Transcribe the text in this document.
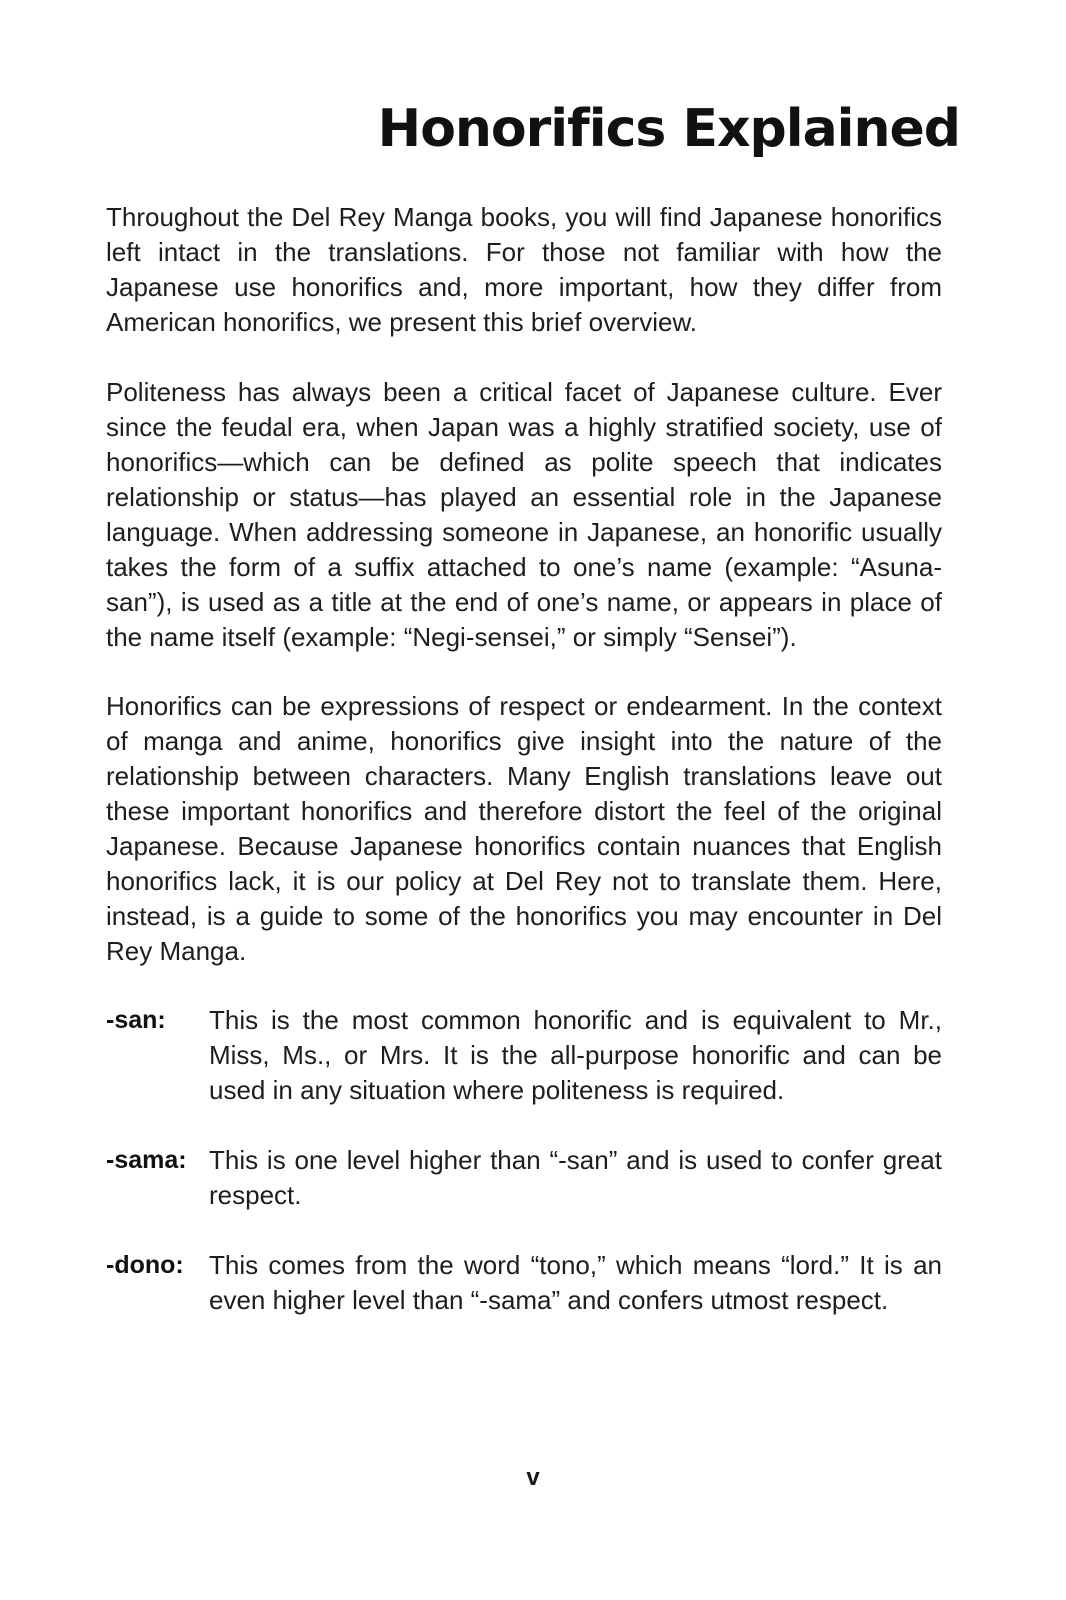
Honorifics Explained

Throughout the Del Rey Manga books, you will find Japanese honorifics left intact in the translations. For those not familiar with how the Japanese use honorifics and, more important, how they differ from American honorifics, we present this brief overview.

Politeness has always been a critical facet of Japanese culture. Ever since the feudal era, when Japan was a highly stratified society, use of honorifics—which can be defined as polite speech that indicates relationship or status—has played an essential role in the Japanese language. When addressing someone in Japanese, an honorific usually takes the form of a suffix attached to one’s name (example: “Asuna-san”), is used as a title at the end of one’s name, or appears in place of the name itself (example: “Negi-sensei,” or simply “Sensei”).

Honorifics can be expressions of respect or endearment. In the context of manga and anime, honorifics give insight into the nature of the relationship between characters. Many English translations leave out these important honorifics and therefore distort the feel of the original Japanese. Because Japanese honorifics contain nuances that English honorifics lack, it is our policy at Del Rey not to translate them. Here, instead, is a guide to some of the honorifics you may encounter in Del Rey Manga.

-san:	This is the most common honorific and is equivalent to Mr., Miss, Ms., or Mrs. It is the all-purpose honorific and can be used in any situation where politeness is required.
-sama: This is one level higher than “-san” and is used to confer great respect.
-dono: This comes from the word “tono,” which means “lord.” It is an even higher level than “-sama” and confers utmost respect.
v
